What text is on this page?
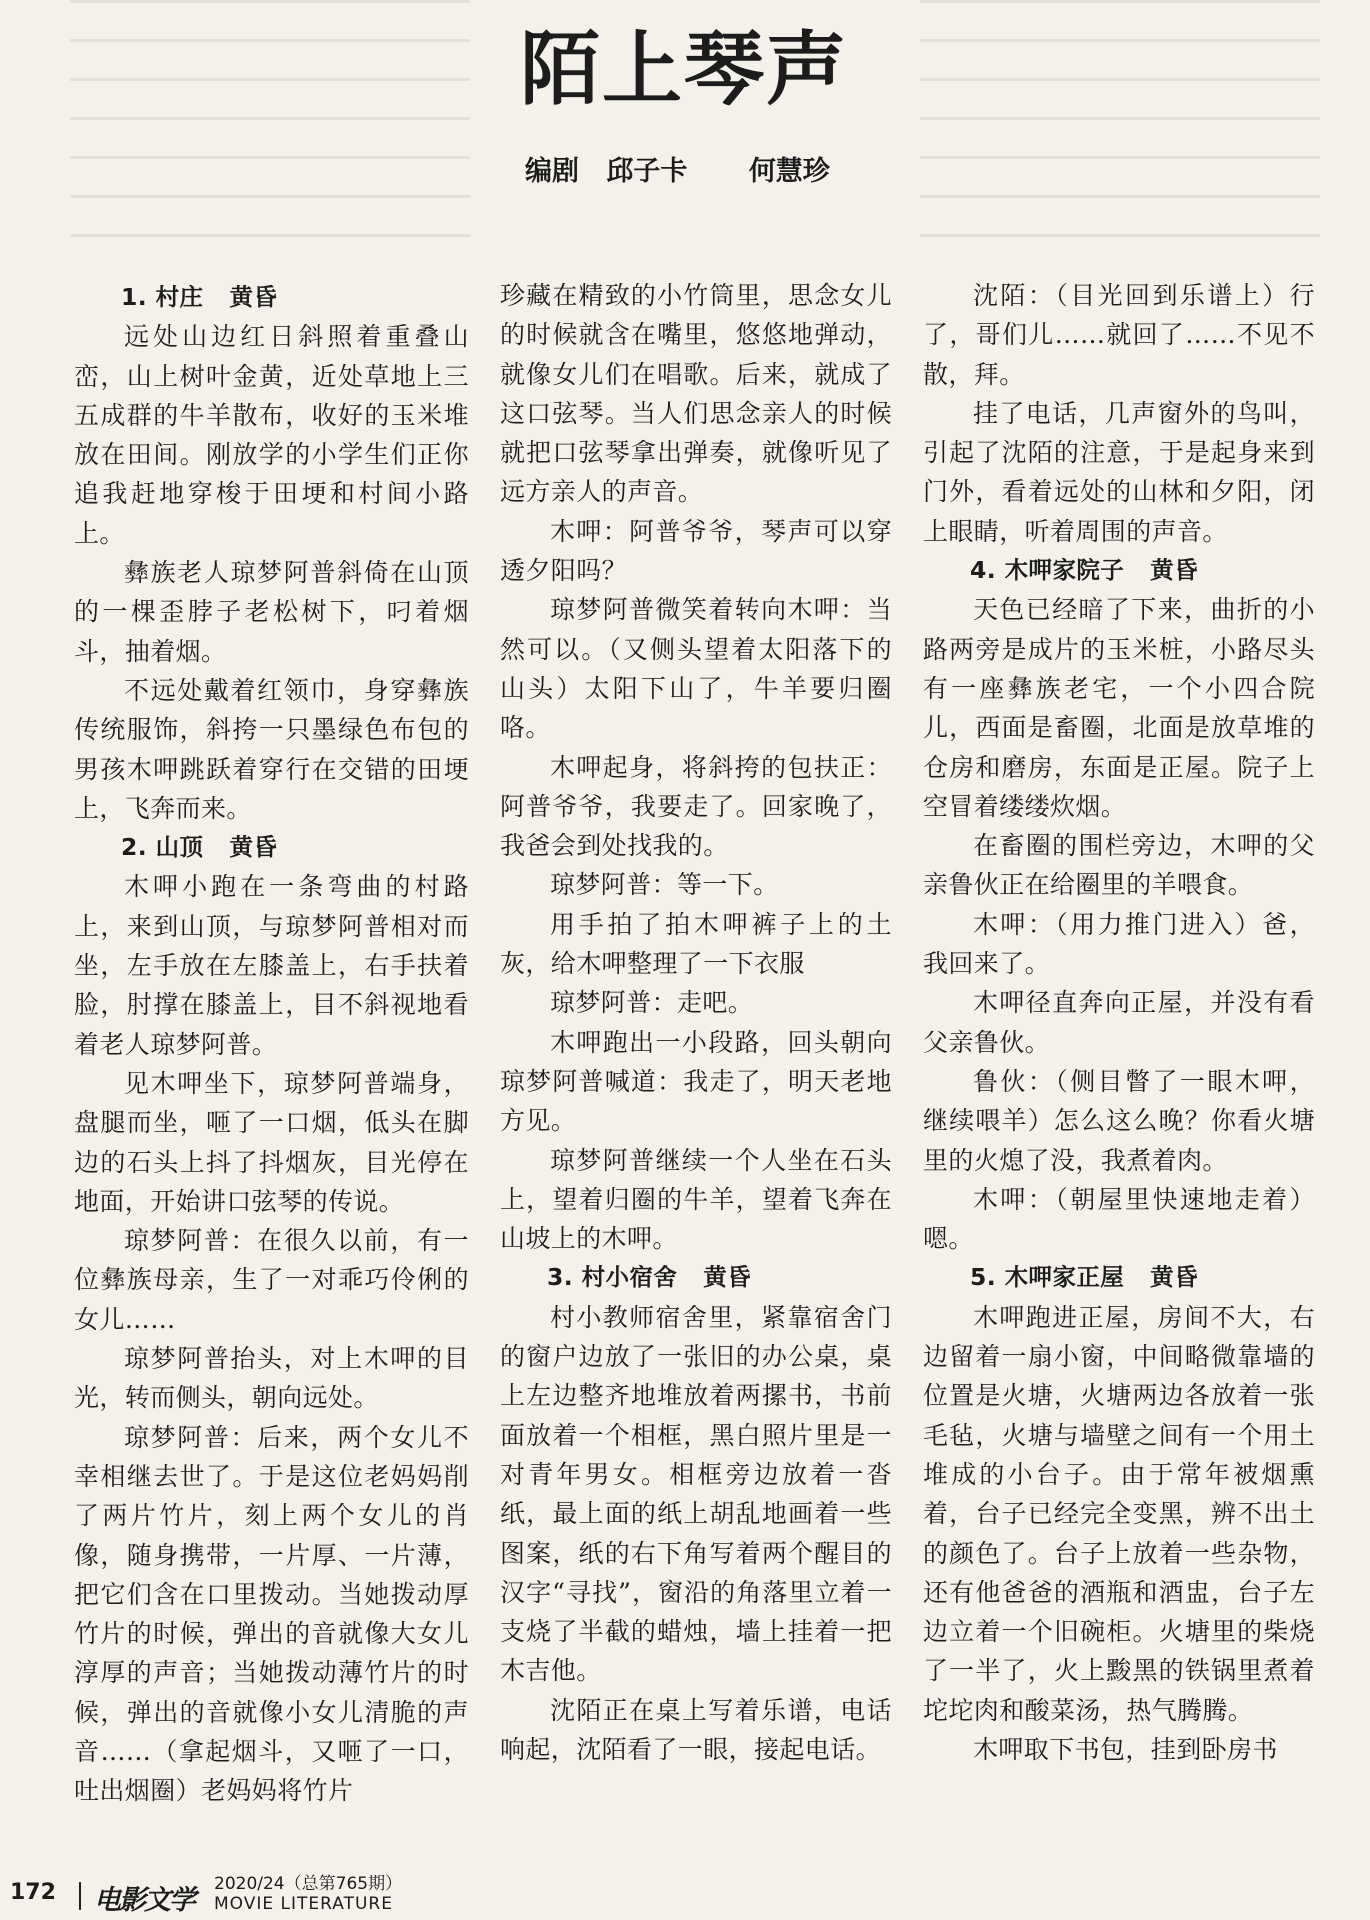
陌上琴声
编剧 邱子卡 何慧珍
1. 村庄 黄昏

远处山边红日斜照着重叠山峦，山上树叶金黄，近处草地上三五成群的牛羊散布，收好的玉米堆放在田间。刚放学的小学生们正你追我赶地穿梭于田埂和村间小路上。

彝族老人琼梦阿普斜倚在山顶的一棵歪脖子老松树下，叼着烟斗，抽着烟。

不远处戴着红领巾，身穿彝族传统服饰，斜挎一只墨绿色布包的男孩木呷跳跃着穿行在交错的田埂上，飞奔而来。

2. 山顶 黄昏

木呷小跑在一条弯曲的村路上，来到山顶，与琼梦阿普相对而坐，左手放在左膝盖上，右手扶着脸，肘撑在膝盖上，目不斜视地看着老人琼梦阿普。

见木呷坐下，琼梦阿普端身，盘腿而坐，咂了一口烟，低头在脚边的石头上抖了抖烟灰，目光停在地面，开始讲口弦琴的传说。

琼梦阿普：在很久以前，有一位彝族母亲，生了一对乖巧伶俐的女儿……

琼梦阿普抬头，对上木呷的目光，转而侧头，朝向远处。

琼梦阿普：后来，两个女儿不幸相继去世了。于是这位老妈妈削了两片竹片，刻上两个女儿的肖像，随身携带，一片厚、一片薄，把它们含在口里拨动。当她拨动厚竹片的时候，弹出的音就像大女儿淳厚的声音；当她拨动薄竹片的时候，弹出的音就像小女儿清脆的声音……（拿起烟斗，又咂了一口，吐出烟圈）老妈妈将竹片

珍藏在精致的小竹筒里，思念女儿的时候就含在嘴里，悠悠地弹动，就像女儿们在唱歌。后来，就成了这口弦琴。当人们思念亲人的时候就把口弦琴拿出弹奏，就像听见了远方亲人的声音。

木呷：阿普爷爷，琴声可以穿透夕阳吗？

琼梦阿普微笑着转向木呷：当然可以。（又侧头望着太阳落下的山头）太阳下山了，牛羊要归圈咯。

木呷起身，将斜挎的包扶正：阿普爷爷，我要走了。回家晚了，我爸会到处找我的。

琼梦阿普：等一下。

用手拍了拍木呷裤子上的土灰，给木呷整理了一下衣服

琼梦阿普：走吧。

木呷跑出一小段路，回头朝向琼梦阿普喊道：我走了，明天老地方见。

琼梦阿普继续一个人坐在石头上，望着归圈的牛羊，望着飞奔在山坡上的木呷。

3. 村小宿舍 黄昏

村小教师宿舍里，紧靠宿舍门的窗户边放了一张旧的办公桌，桌上左边整齐地堆放着两摞书，书前面放着一个相框，黑白照片里是一对青年男女。相框旁边放着一沓纸，最上面的纸上胡乱地画着一些图案，纸的右下角写着两个醒目的汉字“寻找”，窗沿的角落里立着一支烧了半截的蜡烛，墙上挂着一把木吉他。

沈陌正在桌上写着乐谱，电话响起，沈陌看了一眼，接起电话。

沈陌：（目光回到乐谱上）行了，哥们儿……就回了……不见不散，拜。

挂了电话，几声窗外的鸟叫，引起了沈陌的注意，于是起身来到门外，看着远处的山林和夕阳，闭上眼睛，听着周围的声音。

4. 木呷家院子 黄昏

天色已经暗了下来，曲折的小路两旁是成片的玉米桩，小路尽头有一座彝族老宅，一个小四合院儿，西面是畜圈，北面是放草堆的仓房和磨房，东面是正屋。院子上空冒着缕缕炊烟。

在畜圈的围栏旁边，木呷的父亲鲁伙正在给圈里的羊喂食。

木呷：（用力推门进入）爸，我回来了。

木呷径直奔向正屋，并没有看父亲鲁伙。

鲁伙：（侧目瞥了一眼木呷，继续喂羊）怎么这么晚？你看火塘里的火熄了没，我煮着肉。

木呷：（朝屋里快速地走着）嗯。

5. 木呷家正屋 黄昏

木呷跑进正屋，房间不大，右边留着一扇小窗，中间略微靠墙的位置是火塘，火塘两边各放着一张毛毡，火塘与墙壁之间有一个用土堆成的小台子。由于常年被烟熏着，台子已经完全变黑，辨不出土的颜色了。台子上放着一些杂物，还有他爸爸的酒瓶和酒盅，台子左边立着一个旧碗柜。火塘里的柴烧了一半了，火上黢黑的铁锅里煮着坨坨肉和酸菜汤，热气腾腾。

木呷取下书包，挂到卧房书

172 电影文学
2020/24（总第765期）
MOVIE LITERATURE
